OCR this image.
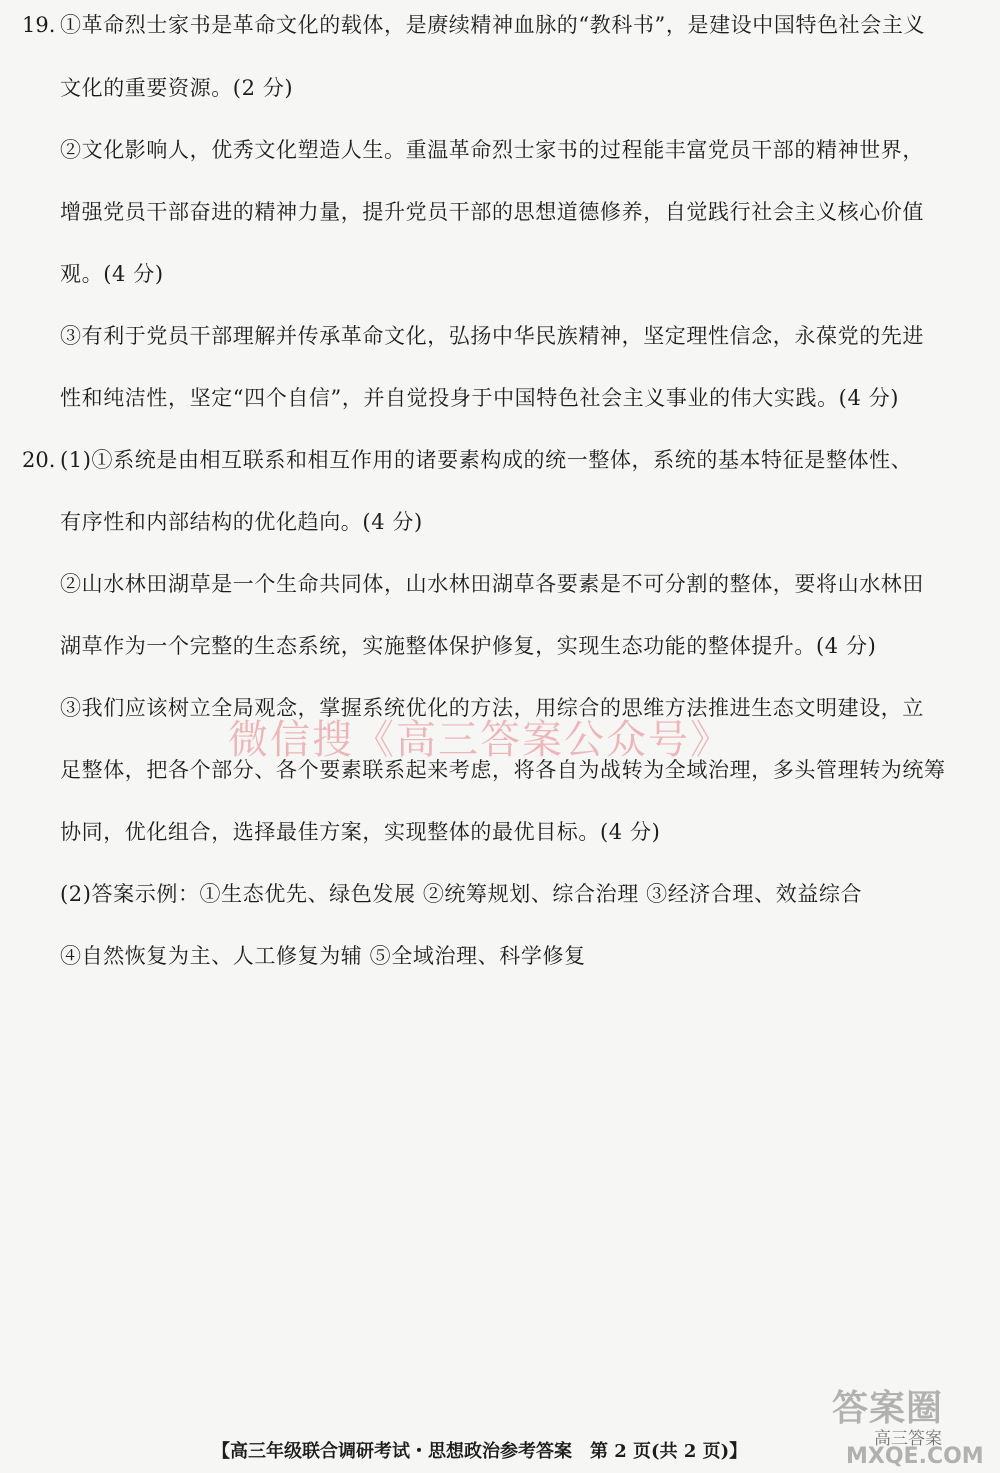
19. ①革命烈士家书是革命文化的载体，是赓续精神血脉的“教科书”，是建设中国特色社会主义
文化的重要资源。(2 分)
②文化影响人，优秀文化塑造人生。重温革命烈士家书的过程能丰富党员干部的精神世界，
增强党员干部奋进的精神力量，提升党员干部的思想道德修养，自觉践行社会主义核心价值
观。(4 分)
③有利于党员干部理解并传承革命文化，弘扬中华民族精神，坚定理性信念，永葆党的先进
性和纯洁性，坚定“四个自信”，并自觉投身于中国特色社会主义事业的伟大实践。(4 分)
20. (1)①系统是由相互联系和相互作用的诸要素构成的统一整体，系统的基本特征是整体性、
有序性和内部结构的优化趋向。(4 分)
②山水林田湖草是一个生命共同体，山水林田湖草各要素是不可分割的整体，要将山水林田
湖草作为一个完整的生态系统，实施整体保护修复，实现生态功能的整体提升。(4 分)
③我们应该树立全局观念，掌握系统优化的方法，用综合的思维方法推进生态文明建设，立
足整体，把各个部分、各个要素联系起来考虑，将各自为战转为全域治理，多头管理转为统筹
协同，优化组合，选择最佳方案，实现整体的最优目标。(4 分)
(2)答案示例：①生态优先、绿色发展 ②统筹规划、综合治理 ③经济合理、效益综合
④自然恢复为主、人工修复为辅 ⑤全域治理、科学修复
微信搜《高三答案公众号》
答案圈
高三答案
MXQE.COM
【高三年级联合调研考试・思想政治参考答案　第 2 页(共 2 页)】
